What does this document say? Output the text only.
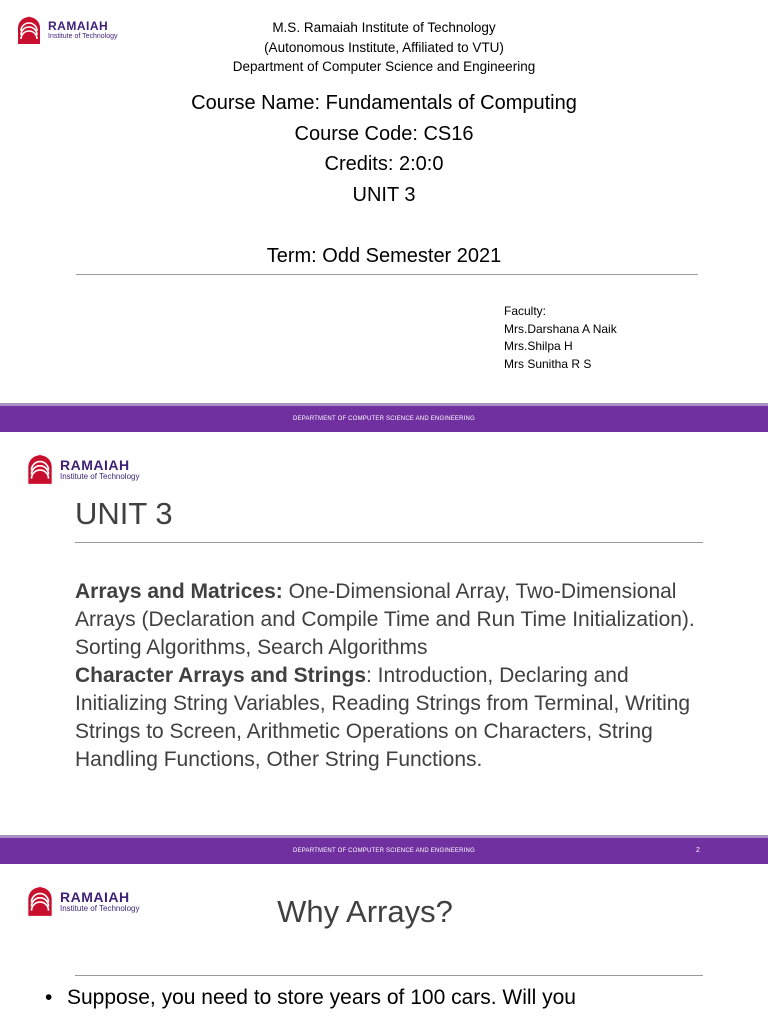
RAMAIAH
Institute of Technology
M.S. Ramaiah Institute of Technology
(Autonomous Institute, Affiliated to VTU)
Department of Computer Science and Engineering
Course Name: Fundamentals of Computing
Course Code: CS16
Credits: 2:0:0
UNIT 3
Term: Odd Semester 2021
Faculty:
Mrs.Darshana A Naik
Mrs.Shilpa H
Mrs Sunitha R S
DEPARTMENT OF COMPUTER SCIENCE AND ENGINEERING
RAMAIAH
Institute of Technology
UNIT 3
Arrays and Matrices: One-Dimensional Array, Two-Dimensional Arrays (Declaration and Compile Time and Run Time Initialization). Sorting Algorithms, Search Algorithms
Character Arrays and Strings: Introduction, Declaring and Initializing String Variables, Reading Strings from Terminal, Writing Strings to Screen, Arithmetic Operations on Characters, String Handling Functions, Other String Functions.
DEPARTMENT OF COMPUTER SCIENCE AND ENGINEERING	2
RAMAIAH
Institute of Technology	Why Arrays?
• Suppose, you need to store years of 100 cars. Will you
